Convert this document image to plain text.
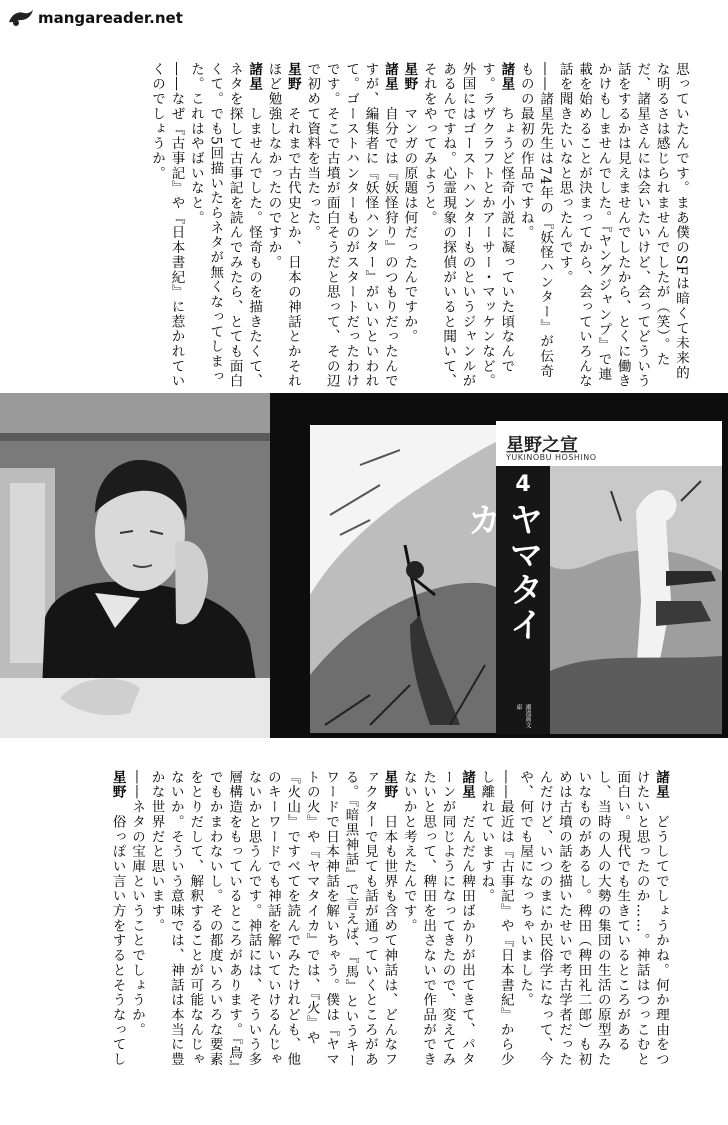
mangareader.net

思っていたんです。まあ僕のSFは暗くて未来的な明るさは感じられませんでしたが（笑）。ただ、諸星さんには会いたいけど、会ってどういう話をするかは見えませんでしたから、とくに働きかけもしませんでした。『ヤングジャンプ』で連載を始めることが決まってから、会っていろんな話を聞きたいなと思ったんです。

――諸星先生は74年の『妖怪ハンター』が伝奇ものの最初の作品ですね。

諸星　ちょうど怪奇小説に凝っていた頃なんです。ラヴクラフトとかアーサー・マッケンなど。外国にはゴーストハンターものというジャンルがあるんですね。心霊現象の探偵がいると聞いて、それをやってみようと。

星野　マンガの原題は何だったんですか。

諸星　自分では『妖怪狩り』のつもりだったんですが、編集者に『妖怪ハンター』がいいといわれて。ゴーストハンターものがスタートだったわけです。そこで古墳が面白そうだと思って、その辺で初めて資料を当たった。

星野　それまで古代史とか、日本の神話とかそれほど勉強しなかったのですか。

諸星　しませんでした。怪奇ものを描きたくて、ネタを探して古事記を読んでみたら、とても面白くて。でも5回描いたらネタが無くなってしまった。これはやばいなと。

――なぜ『古事記』や『日本書紀』に惹かれていくのでしょうか。

星野之宣
YUKINOBU HOSHINO
4
ヤマタイカ
潮漫画文庫
“火の民族仮説”がテーマの『ヤマタイカ』（潮漫画文庫）より

諸星　どうしてでしょうかね。何か理由をつけたいと思ったのか……。神話はつっこむと面白い。現代でも生きているところがあるし、当時の人の大勢の集団の生活の原型みたいなものがあるし。稗田（稗田礼二郎）も初めは古墳の話を描いたせいで考古学者だったんだけど、いつのまにか民俗学になって、今や、何でも屋になっちゃいました。

――最近は『古事記』や『日本書紀』から少し離れていますね。

諸星　だんだん稗田ばかりが出てきて、パターンが同じようになってきたので、変えてみたいと思って、稗田を出さないで作品ができないかと考えたんです。

星野　日本も世界も含めて神話は、どんなファクターで見ても話が通っていくところがある。『暗黒神話』で言えば、『馬』というキーワードで日本神話を解いちゃう。僕は『ヤマトの火』や『ヤマタイカ』では、『火』や『火山』ですべてを読んでみたけれども、他のキーワードでも神話を解いていけるんじゃないかと思うんです。神話には、そういう多層構造をもっているところがあります。『鳥』でもかまわないし。その都度いろいろな要素をとりだして、解釈することが可能なんじゃないか。そういう意味では、神話は本当に豊かな世界だと思います。

――ネタの宝庫ということでしょうか。

星野　俗っぽい言い方をするとそうなってし
